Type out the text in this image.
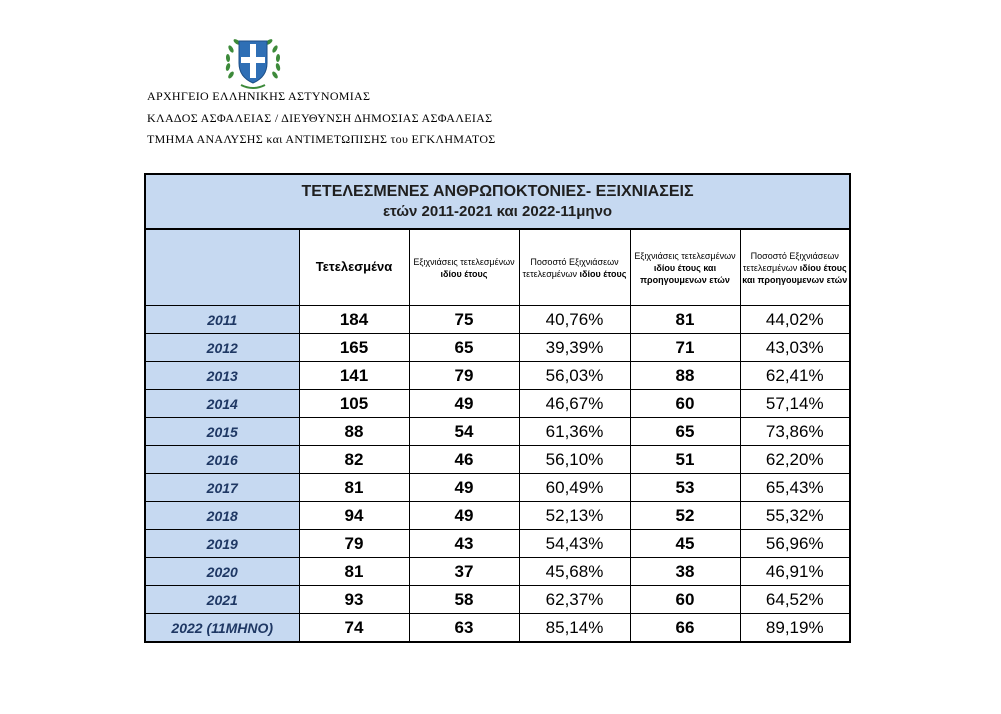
ΑΡΧΗΓΕΙΟ ΕΛΛΗΝΙΚΗΣ ΑΣΤΥΝΟΜΙΑΣ
ΚΛΑΔΟΣ ΑΣΦΑΛΕΙΑΣ / ΔΙΕΥΘΥΝΣΗ ΔΗΜΟΣΙΑΣ ΑΣΦΑΛΕΙΑΣ
ΤΜΗΜΑ ΑΝΑΛΥΣΗΣ και ΑΝΤΙΜΕΤΩΠΙΣΗΣ του ΕΓΚΛΗΜΑΤΟΣ
ΤΕΤΕΛΕΣΜΕΝΕΣ ΑΝΘΡΩΠΟΚΤΟΝΙΕΣ- ΕΞΙΧΝΙΑΣΕΙΣ
ετών 2011-2021 και 2022-11μηνο					

	Τετελεσμένα	Εξιχνιάσεις τετελεσμένων ιδίου έτους	Ποσοστό Εξιχνιάσεων τετελεσμένων ιδίου έτους	Εξιχνιάσεις τετελεσμένων ιδίου έτους και προηγουμενων ετών	Ποσοστό Εξιχνιάσεων τετελεσμένων ιδίου έτους και προηγουμενων ετών
2011	184	75	40,76%	81	44,02%
2012	165	65	39,39%	71	43,03%
2013	141	79	56,03%	88	62,41%
2014	105	49	46,67%	60	57,14%
2015	88	54	61,36%	65	73,86%
2016	82	46	56,10%	51	62,20%
2017	81	49	60,49%	53	65,43%
2018	94	49	52,13%	52	55,32%
2019	79	43	54,43%	45	56,96%
2020	81	37	45,68%	38	46,91%
2021	93	58	62,37%	60	64,52%
2022 (11ΜΗΝΟ)	74	63	85,14%	66	89,19%
